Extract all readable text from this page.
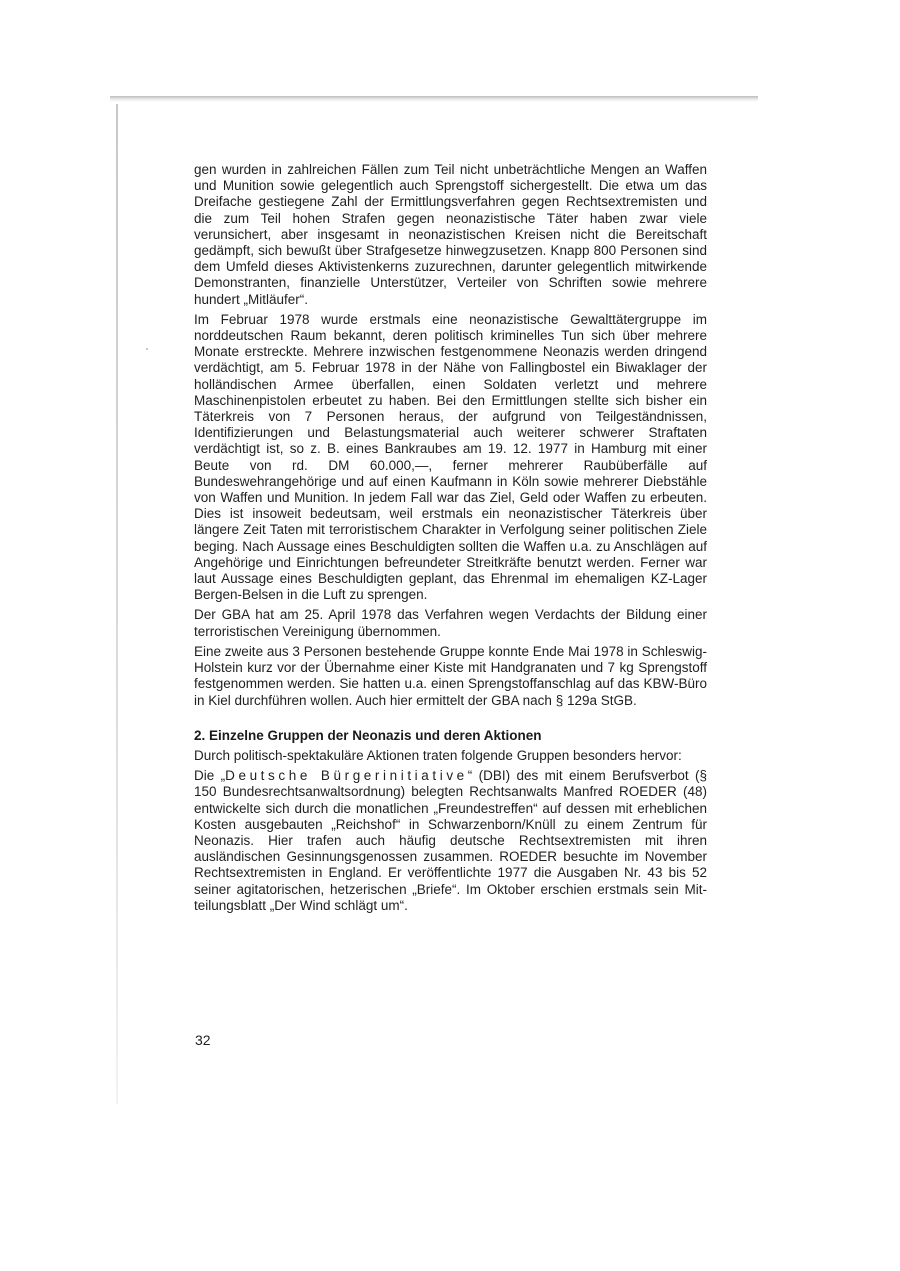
gen wurden in zahlreichen Fällen zum Teil nicht unbeträchtliche Mengen an Waffen und Munition sowie gelegentlich auch Sprengstoff sichergestellt. Die etwa um das Dreifache gestiegene Zahl der Ermittlungsverfahren gegen Rechtsextremisten und die zum Teil hohen Strafen gegen neonazistische Täter haben zwar viele verunsichert, aber insgesamt in neonazistischen Kreisen nicht die Bereitschaft gedämpft, sich bewußt über Strafgesetze hinwegzusetzen. Knapp 800 Personen sind dem Umfeld dieses Aktivistenkerns zuzurechnen, darunter gelegentlich mitwirkende Demonstranten, finanzielle Unterstützer, Verteiler von Schriften sowie mehrere hundert „Mitläufer“.

Im Februar 1978 wurde erstmals eine neonazistische Gewalttätergruppe im norddeutschen Raum bekannt, deren politisch kriminelles Tun sich über mehrere Monate erstreckte. Mehrere inzwischen festgenommene Neonazis werden dringend verdächtigt, am 5. Februar 1978 in der Nähe von Fallingbostel ein Biwaklager der holländischen Armee überfallen, einen Soldaten verletzt und mehrere Maschinenpistolen erbeutet zu haben. Bei den Ermittlungen stellte sich bisher ein Täterkreis von 7 Personen heraus, der aufgrund von Teilgeständnissen, Identifizierungen und Belastungsmaterial auch weiterer schwerer Straftaten verdächtigt ist, so z. B. eines Bankraubes am 19. 12. 1977 in Hamburg mit einer Beute von rd. DM 60.000,—, ferner mehrerer Raubüberfälle auf Bundeswehrangehörige und auf einen Kaufmann in Köln sowie mehrerer Diebstähle von Waffen und Munition. In jedem Fall war das Ziel, Geld oder Waffen zu erbeuten. Dies ist insoweit bedeutsam, weil erstmals ein neonazistischer Täterkreis über längere Zeit Taten mit terroristischem Charakter in Verfolgung seiner politischen Ziele beging. Nach Aussage eines Beschuldigten sollten die Waffen u.a. zu Anschlägen auf Angehörige und Einrichtungen befreundeter Streitkräfte benutzt werden. Ferner war laut Aussage eines Beschuldigten geplant, das Ehrenmal im ehemaligen KZ-Lager Bergen-Belsen in die Luft zu sprengen.

Der GBA hat am 25. April 1978 das Verfahren wegen Verdachts der Bildung einer terroristischen Vereinigung übernommen.

Eine zweite aus 3 Personen bestehende Gruppe konnte Ende Mai 1978 in Schleswig-Holstein kurz vor der Übernahme einer Kiste mit Handgranaten und 7 kg Sprengstoff festgenommen werden. Sie hatten u.a. einen Sprengstoffanschlag auf das KBW-Büro in Kiel durchführen wollen. Auch hier ermittelt der GBA nach § 129a StGB.

2. Einzelne Gruppen der Neonazis und deren Aktionen

Durch politisch-spektakuläre Aktionen traten folgende Gruppen besonders hervor:

Die „Deutsche Bürgerinitiative“ (DBI) des mit einem Berufsverbot (§ 150 Bundesrechtsanwaltsordnung) belegten Rechtsanwalts Manfred ROEDER (48) entwickelte sich durch die monatlichen „Freundestreffen“ auf dessen mit erheblichen Kosten ausgebauten „Reichshof“ in Schwarzenborn/Knüll zu einem Zentrum für Neonazis. Hier trafen auch häufig deutsche Rechtsextremisten mit ihren ausländischen Gesinnungsgenossen zusammen. ROEDER besuchte im November Rechtsextremisten in England. Er veröffentlichte 1977 die Ausgaben Nr. 43 bis 52 seiner agitatorischen, hetzerischen „Briefe“. Im Oktober erschien erstmals sein Mitteilungsblatt „Der Wind schlägt um“.

32
